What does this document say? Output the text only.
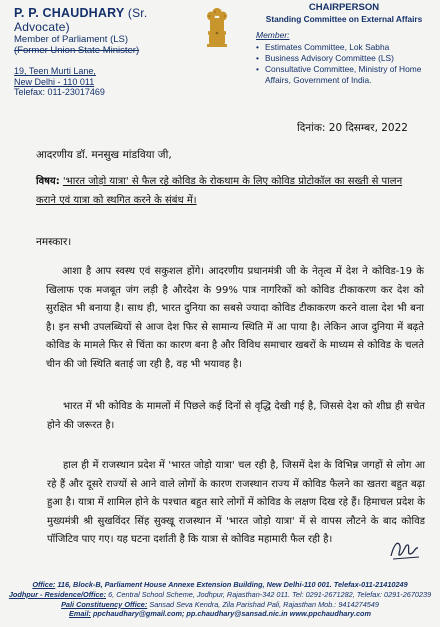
P. P. CHAUDHARY (Sr. Advocate)
Member of Parliament (LS)
(Former Union State Minister)
19, Teen Murti Lane,
New Delhi - 110 011
Telefax: 011-23017469
CHAIRPERSON
Standing Committee on External Affairs
Member:
• Estimates Committee, Lok Sabha
• Business Advisory Committee (LS)
• Consultative Committee, Ministry of Home Affairs, Government of India.
दिनांक: 20 दिसम्बर, 2022
आदरणीय डॉ. मनसुख मांडविया जी,
विषय: 'भारत जोड़ो यात्रा' से फैल रहे कोविड के रोकथाम के लिए कोविड प्रोटोकॉल का सख्ती से पालन कराने एवं यात्रा को स्थगित करने के संबंध में।
नमस्कार।
आशा है आप स्वस्थ एवं सकुशल होंगे। आदरणीय प्रधानमंत्री जी के नेतृत्व में देश ने कोविड-19 के खिलाफ एक मजबूत जंग लड़ी है औरदेश के 99% पात्र नागरिकों को कोविड टीकाकरण कर देश को सुरक्षित भी बनाया है। साथ ही, भारत दुनिया का सबसे ज्यादा कोविड टीकाकरण करने वाला देश भी बना है। इन सभी उपलब्धियों से आज देश फिर से सामान्य स्थिति में आ पाया है। लेकिन आज दुनिया में बढ़ते कोविड के मामले फिर से चिंता का कारण बना है और विविध समाचार खबरों के माध्यम से कोविड के चलते चीन की जो स्थिति बताई जा रही है, वह भी भयावह है।
भारत में भी कोविड के मामलों में पिछले कई दिनों से वृद्धि देखी गई है, जिससे देश को शीघ्र ही सचेत होने की जरूरत है।
हाल ही में राजस्थान प्रदेश में 'भारत जोड़ो यात्रा' चल रही है, जिसमें देश के विभिन्न जगहों से लोग आ रहे हैं और दूसरे राज्यों से आने वाले लोगों के कारण राजस्थान राज्य में कोविड फैलने का खतरा बहुत बढ़ा हुआ है। यात्रा में शामिल होने के पश्चात बहुत सारे लोगों में कोविड के लक्षण दिख रहे हैं। हिमाचल प्रदेश के मुख्यमंत्री श्री सुखविंदर सिंह सुक्खू राजस्थान में 'भारत जोड़ो यात्रा' में से वापस लौटने के बाद कोविड पॉजिटिव पाए गए। यह घटना दर्शाती है कि यात्रा से कोविड महामारी फैल रही है।
Office: 116, Block-B, Parliament House Annexe Extension Building, New Delhi-110 001. Telefax-011-21410249
Jodhpur - Residence/Office: 6, Central School Scheme, Jodhpur, Rajasthan-342 011. Tel: 0291-2671282, Telefax: 0291-2670239
Pali Constituency Office: Sansad Seva Kendra, Zila Parishad Pali, Rajasthan Mob.: 9414274549
Email: ppchaudhary@gmail.com; pp.chaudhary@sansad.nic.in www.ppchaudhary.com
